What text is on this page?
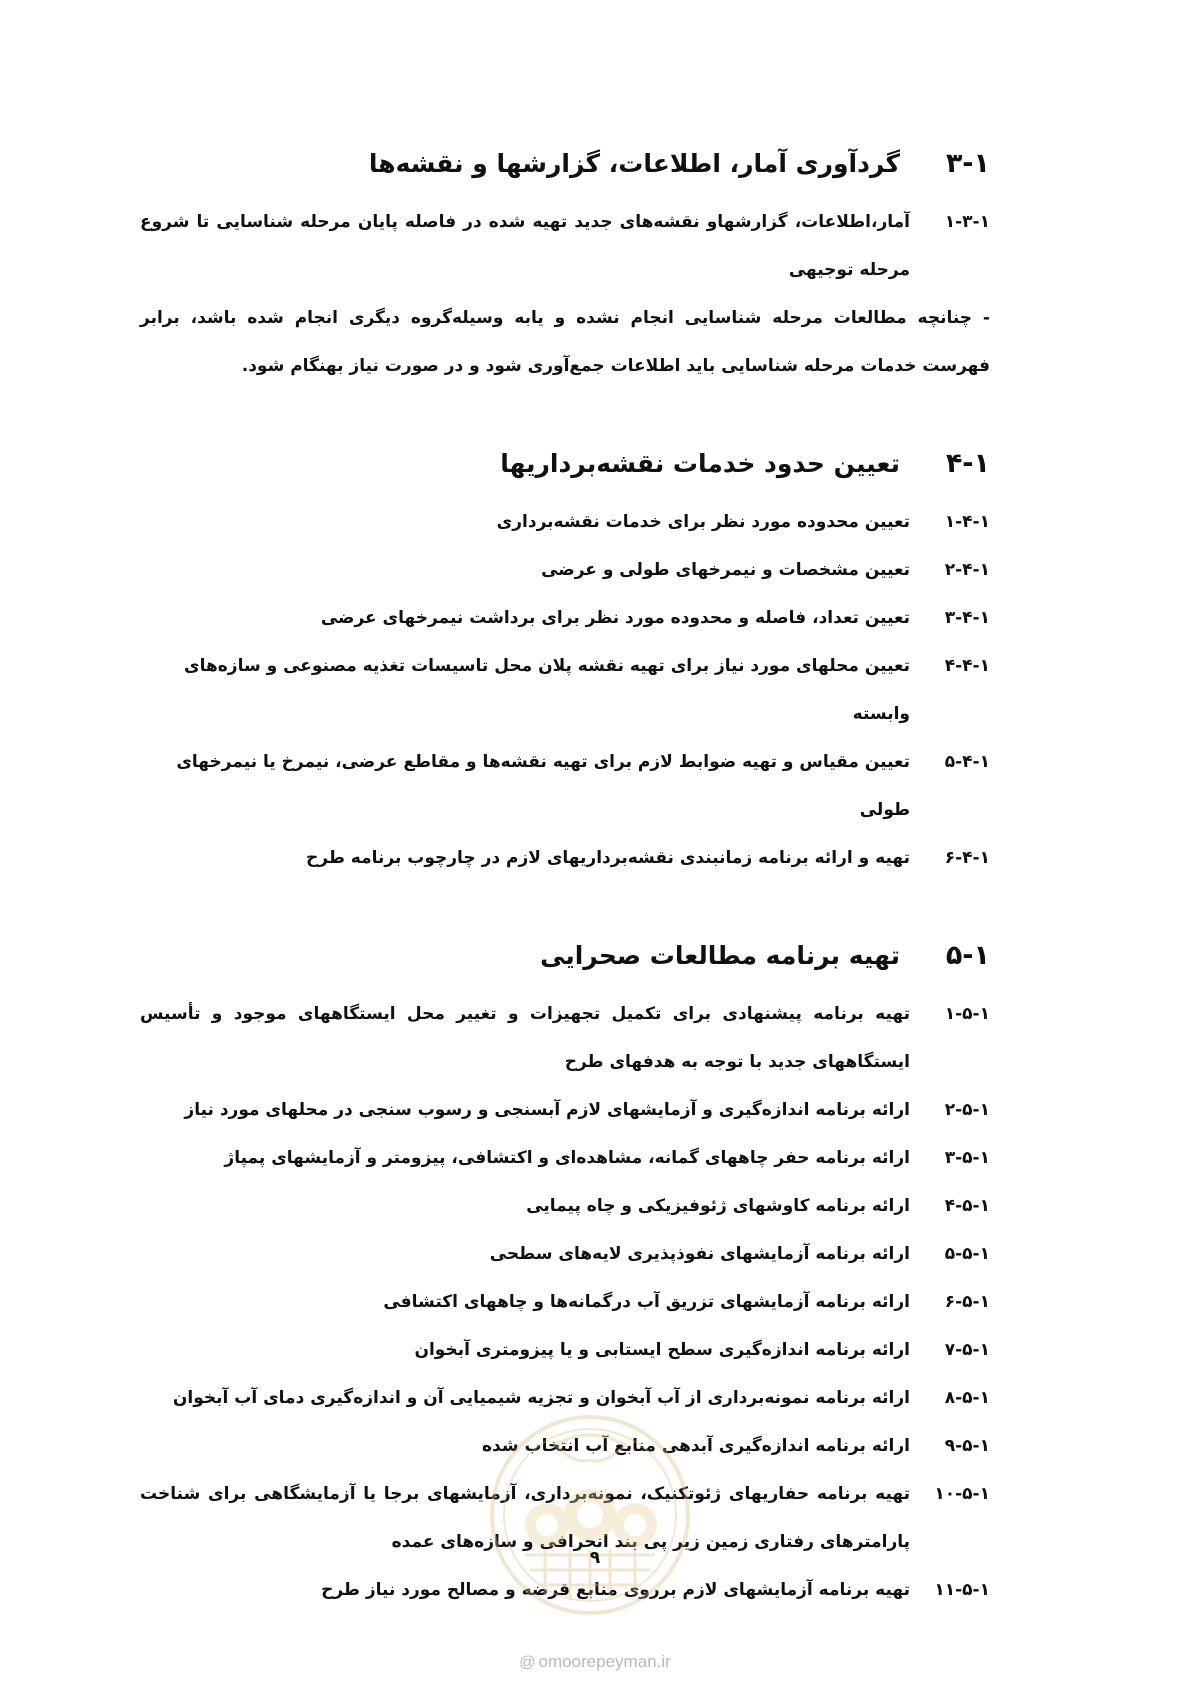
۳-۱
گردآوری آمار، اطلاعات، گزارشها و نقشه‌ها
۱-۳-۱
آمار،اطلاعات، گزارشهاو نقشه‌های جدید تهیه شده در فاصله پایان مرحله شناسایی تا شروع مرحله توجیهی
- چنانچه مطالعات مرحله شناسایی انجام نشده و یابه وسیله‌گروه دیگری انجام شده باشد، برابر فهرست خدمات مرحله شناسایی باید اطلاعات جمع‌آوری شود و در صورت نیاز بهنگام شود.
۴-۱
تعیین حدود خدمات نقشه‌برداریها
۱-۴-۱
تعیین محدوده مورد نظر برای خدمات نقشه‌برداری
۲-۴-۱
تعیین مشخصات و نیمرخهای طولی و عرضی
۳-۴-۱
تعیین تعداد، فاصله و محدوده مورد نظر برای برداشت نیمرخهای عرضی
۴-۴-۱
تعیین محلهای مورد نیاز برای تهیه نقشه پلان محل تاسیسات تغذیه مصنوعی و سازه‌های وابسته
۵-۴-۱
تعیین مقیاس و تهیه ضوابط لازم برای تهیه نقشه‌ها و مقاطع عرضی، نیمرخ یا نیمرخهای طولی
۶-۴-۱
تهیه و ارائه برنامه زمانبندی نقشه‌برداریهای لازم در چارچوب برنامه طرح
۵-۱
تهیه برنامه مطالعات صحرایی
۱-۵-۱
تهیه برنامه پیشنهادی برای تکمیل تجهیزات و تغییر محل ایستگاههای موجود و تأسیس ایستگاههای جدید با توجه به هدفهای طرح
۲-۵-۱
ارائه برنامه اندازه‌گیری و آزمایشهای لازم آبسنجی و رسوب سنجی در محلهای مورد نیاز
۳-۵-۱
ارائه برنامه حفر چاههای گمانه، مشاهده‌ای و اکتشافی، پیزومتر و آزمایشهای پمپاژ
۴-۵-۱
ارائه برنامه کاوشهای ژئوفیزیکی و چاه پیمایی
۵-۵-۱
ارائه برنامه آزمایشهای نفوذپذیری لایه‌های سطحی
۶-۵-۱
ارائه برنامه آزمایشهای تزریق آب درگمانه‌ها و چاههای اکتشافی
۷-۵-۱
ارائه برنامه اندازه‌گیری سطح ایستابی و یا پیزومتری آبخوان
۸-۵-۱
ارائه برنامه نمونه‌برداری از آب آبخوان و تجزیه شیمیایی آن و اندازه‌گیری دمای آب آبخوان
۹-۵-۱
ارائه برنامه اندازه‌گیری آبدهی منابع آب انتخاب شده
۱۰-۵-۱
تهیه برنامه حفاریهای ژئوتکنیک، نمونه‌برداری، آزمایشهای برجا یا آزمایشگاهی برای شناخت پارامترهای رفتاری زمین زیر پی بند انحرافی و سازه‌های عمده
۱۱-۵-۱
تهیه برنامه آزمایشهای لازم برروی منابع قرضه و مصالح مورد نیاز طرح
۹
@ omoorepeyman.ir
